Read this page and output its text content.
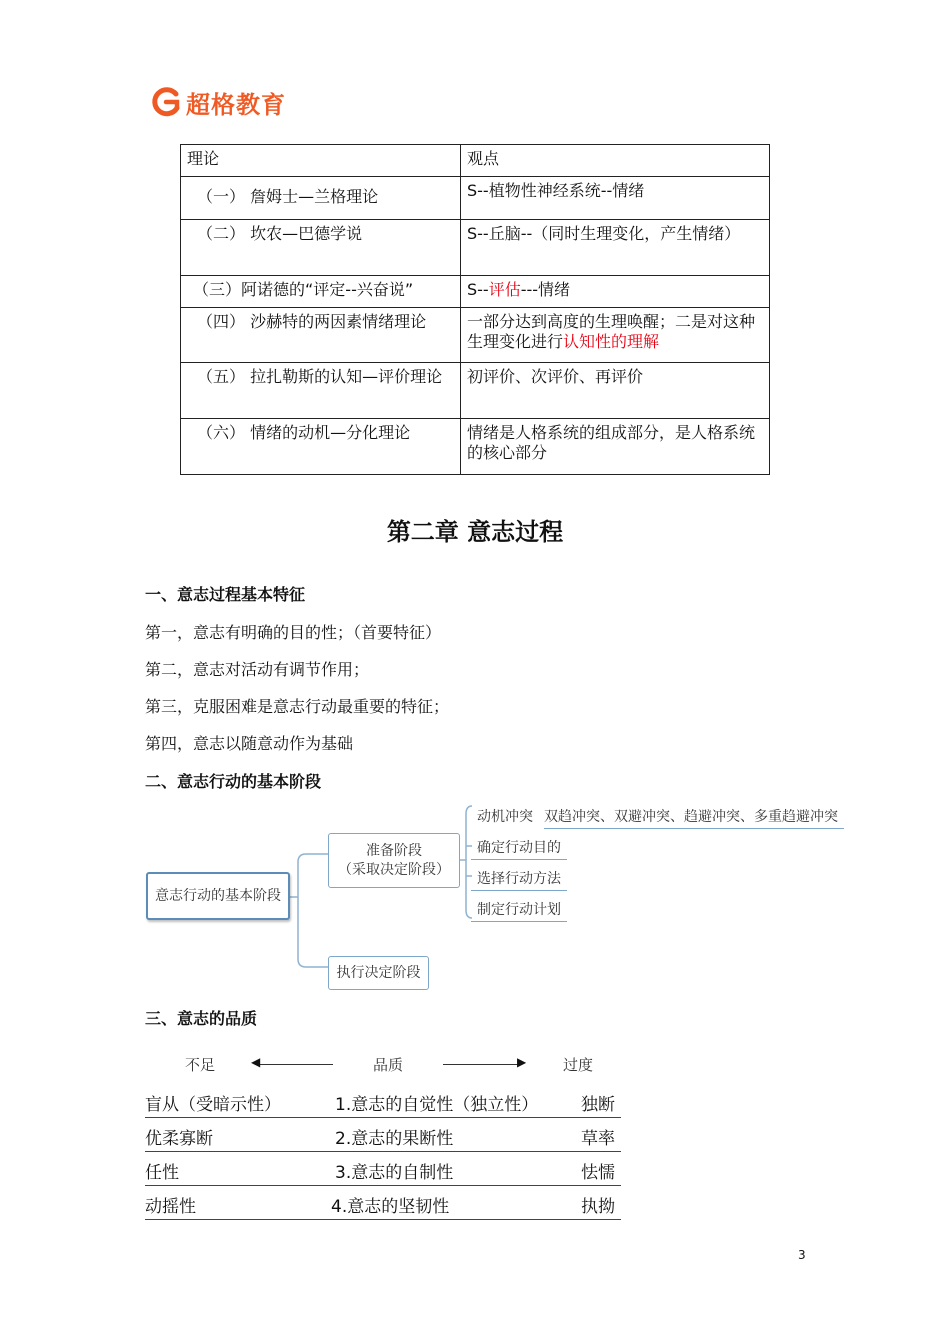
超格教育
理论	观点
（一） 詹姆士—兰格理论	S--植物性神经系统--情绪
（二） 坎农—巴德学说	S--丘脑--（同时生理变化，产生情绪）
（三）阿诺德的“评定--兴奋说”	S--评估---情绪
（四） 沙赫特的两因素情绪理论	一部分达到高度的生理唤醒；二是对这种生理变化进行认知性的理解
（五） 拉扎勒斯的认知—评价理论	初评价、次评价、再评价
（六） 情绪的动机—分化理论	情绪是人格系统的组成部分，是人格系统的核心部分
第二章 意志过程
一、意志过程基本特征
第一，意志有明确的目的性；（首要特征）
第二，意志对活动有调节作用；
第三，克服困难是意志行动最重要的特征；
第四，意志以随意动作为基础
二、意志行动的基本阶段
意志行动的基本阶段
准备阶段
（采取决定阶段）
执行决定阶段
动机冲突 双趋冲突、双避冲突、趋避冲突、多重趋避冲突
确定行动目的
选择行动方法
制定行动计划
三、意志的品质
不足	◀	品质	▶ 过度
盲从（受暗示性）	1.意志的自觉性（独立性）	独断
优柔寡断	2.意志的果断性	草率
任性	3.意志的自制性	怯懦
动摇性	4.意志的坚韧性	执拗
3
